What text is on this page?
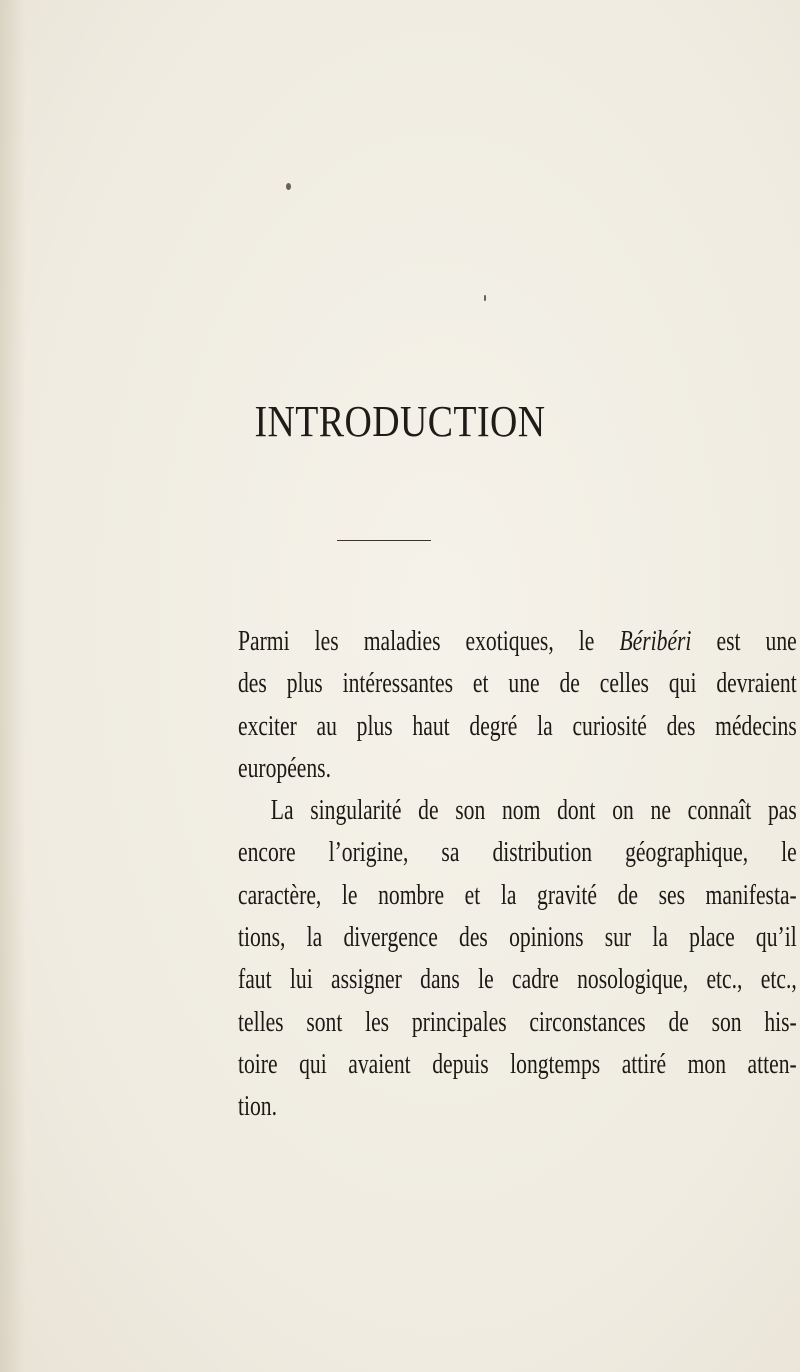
INTRODUCTION
Parmi les maladies exotiques, le Béribéri est une
des plus intéressantes et une de celles qui devraient
exciter au plus haut degré la curiosité des médecins
européens.
La singularité de son nom dont on ne connaît pas
encore l’origine, sa distribution géographique, le
caractère, le nombre et la gravité de ses manifesta-
tions, la divergence des opinions sur la place qu’il
faut lui assigner dans le cadre nosologique, etc., etc.,
telles sont les principales circonstances de son his-
toire qui avaient depuis longtemps attiré mon atten-
tion.
